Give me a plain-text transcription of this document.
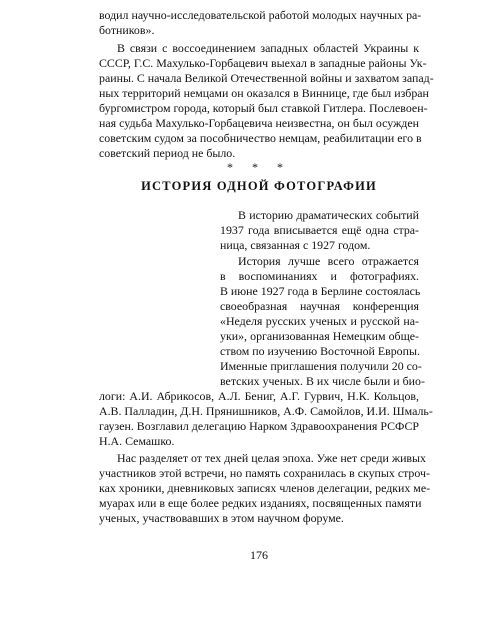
водил научно-исследовательской работой молодых научных ра-
ботников».
В связи с воссоединением западных областей Украины к
СССР, Г.С. Махулько-Горбацевич выехал в западные районы Ук-
раины. С начала Великой Отечественной войны и захватом запад-
ных территорий немцами он оказался в Виннице, где был избран
бургомистром города, который был ставкой Гитлера. Послевоен-
ная судьба Махулько-Горбацевича неизвестна, он был осужден
советским судом за пособничество немцам, реабилитации его в
советский период не было.
* * *
ИСТОРИЯ ОДНОЙ ФОТОГРАФИИ
В историю драматических событий
1937 года вписывается ещё одна стра-
ница, связанная с 1927 годом.
История лучше всего отражается
в воспоминаниях и фотографиях.
В июне 1927 года в Берлине состоялась
своеобразная научная конференция
«Неделя русских ученых и русской на-
уки», организованная Немецким обще-
ством по изучению Восточной Европы.
Именные приглашения получили 20 со-
ветских ученых. В их числе были и био-
логи: А.И. Абрикосов, А.Л. Бениг, А.Г. Гурвич, Н.К. Кольцов,
А.В. Палладин, Д.Н. Прянишников, А.Ф. Самойлов, И.И. Шмаль-
гаузен. Возглавил делегацию Нарком Здравоохранения РСФСР
Н.А. Семашко.
Нас разделяет от тех дней целая эпоха. Уже нет среди живых
участников этой встречи, но память сохранилась в скупых строч-
ках хроники, дневниковых записях членов делегации, редких ме-
муарах или в еще более редких изданиях, посвященных памяти
ученых, участвовавших в этом научном форуме.
176
